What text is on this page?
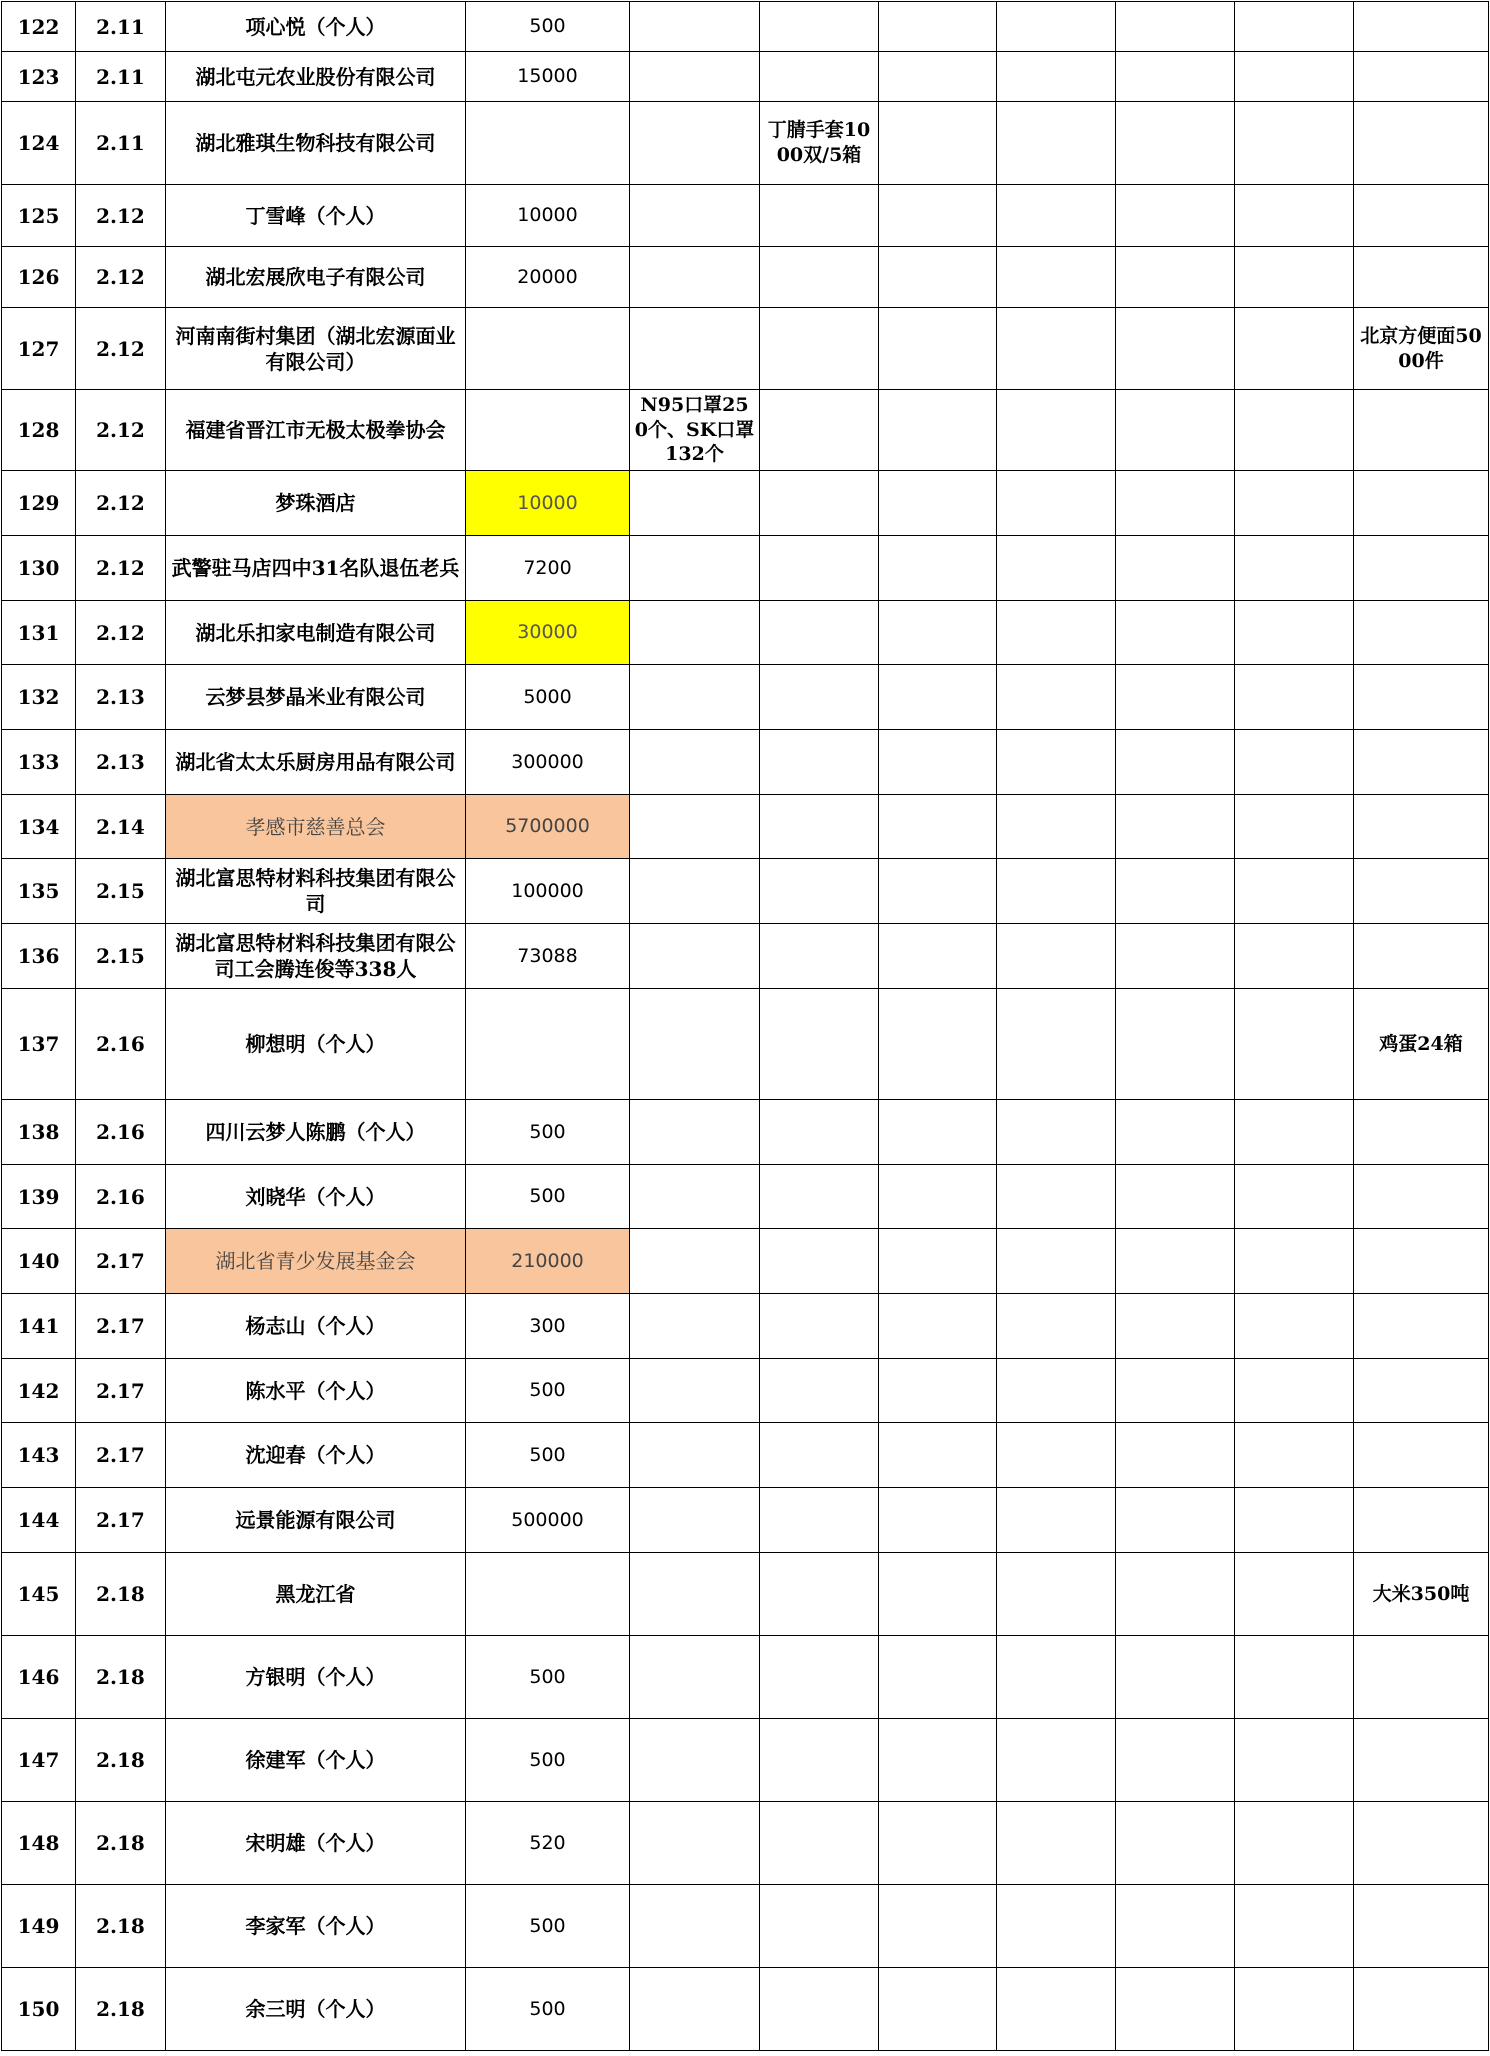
122	2.11	项心悦（个人）	500							
123	2.11	湖北屯元农业股份有限公司	15000							
124	2.11	湖北雅琪生物科技有限公司			丁腈手套1000双/5箱					
125	2.12	丁雪峰（个人）	10000							
126	2.12	湖北宏展欣电子有限公司	20000							
127	2.12	河南南街村集团（湖北宏源面业有限公司）								北京方便面5000件
128	2.12	福建省晋江市无极太极拳协会		N95口罩250个、SK口罩132个						
129	2.12	梦珠酒店	10000							
130	2.12	武警驻马店四中31名队退伍老兵	7200							
131	2.12	湖北乐扣家电制造有限公司	30000							
132	2.13	云梦县梦晶米业有限公司	5000							
133	2.13	湖北省太太乐厨房用品有限公司	300000							
134	2.14	孝感市慈善总会	5700000							
135	2.15	湖北富思特材料科技集团有限公司	100000							
136	2.15	湖北富思特材料科技集团有限公司工会腾连俊等338人	73088							
137	2.16	柳想明（个人）								鸡蛋24箱
138	2.16	四川云梦人陈鹏（个人）	500							
139	2.16	刘晓华（个人）	500							
140	2.17	湖北省青少发展基金会	210000							
141	2.17	杨志山（个人）	300							
142	2.17	陈水平（个人）	500							
143	2.17	沈迎春（个人）	500							
144	2.17	远景能源有限公司	500000							
145	2.18	黑龙江省								大米350吨
146	2.18	方银明（个人）	500							
147	2.18	徐建军（个人）	500							
148	2.18	宋明雄（个人）	520							
149	2.18	李家军（个人）	500							
150	2.18	余三明（个人）	500							
